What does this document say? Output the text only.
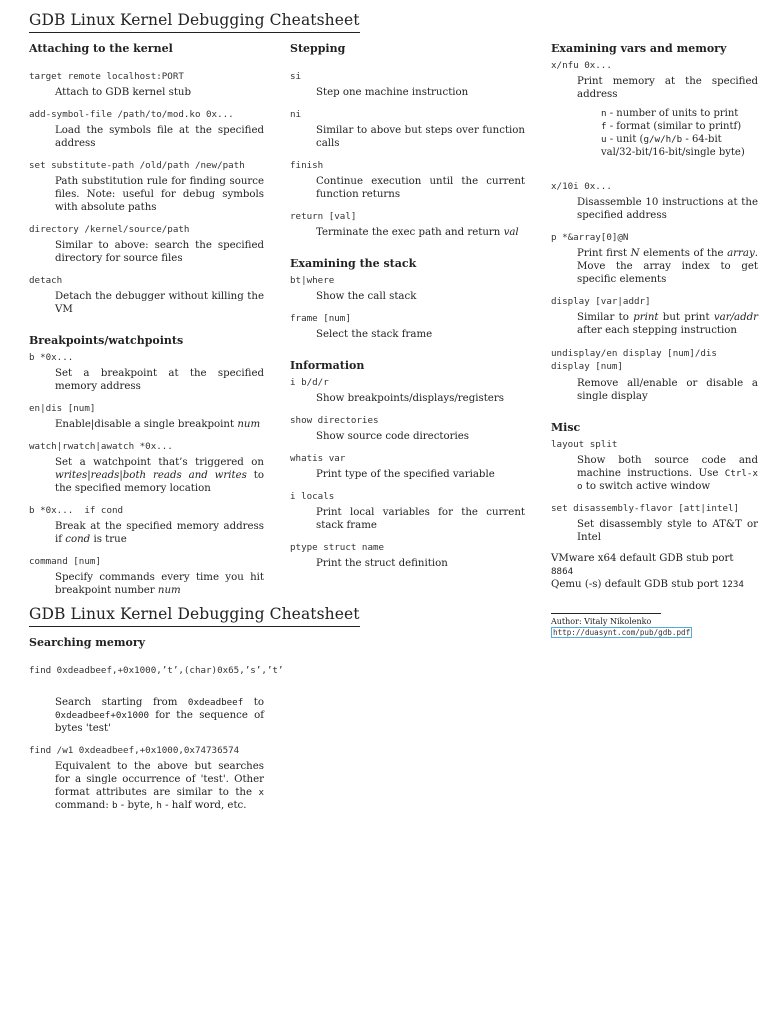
GDB Linux Kernel Debugging Cheatsheet
Attaching to the kernel
target remote localhost:PORT
Attach to GDB kernel stub
add-symbol-file /path/to/mod.ko 0x...
Load the symbols file at the specified address
set substitute-path /old/path /new/path
Path substitution rule for finding source files. Note: useful for debug symbols with absolute paths
directory /kernel/source/path
Similar to above: search the specified directory for source files
detach
Detach the debugger without killing the VM
Breakpoints/watchpoints
b *0x...
Set a breakpoint at the specified memory address
en|dis [num]
Enable|disable a single breakpoint num
watch|rwatch|awatch *0x...
Set a watchpoint that’s triggered on writes|reads|both reads and writes to the specified memory location
b *0x...  if cond
Break at the specified memory address if cond is true
command [num]
Specify commands every time you hit breakpoint number num
Stepping
si
Step one machine instruction
ni
Similar to above but steps over function calls
finish
Continue execution until the current function returns
return [val]
Terminate the exec path and return val
Examining the stack
bt|where
Show the call stack
frame [num]
Select the stack frame
Information
i b/d/r
Show breakpoints/displays/registers
show directories
Show source code directories
whatis var
Print type of the specified variable
i locals
Print local variables for the current stack frame
ptype struct name
Print the struct definition
Examining vars and memory
x/nfu 0x...
Print memory at the specified address
n - number of units to print
f - format (similar to printf)
u - unit (g/w/h/b - 64-bit val/32-bit/16-bit/single byte)
x/10i 0x...
Disassemble 10 instructions at the specified address
p *&array[0]@N
Print first N elements of the array. Move the array index to get specific elements
display [var|addr]
Similar to print but print var/addr after each stepping instruction
undisplay/en display [num]/dis
display [num]
Remove all/enable or disable a single display
Misc
layout split
Show both source code and machine instructions. Use Ctrl-x o to switch active window
set disassembly-flavor [att|intel]
Set disassembly style to AT&T or Intel
VMware x64 default GDB stub port 8864
Qemu (-s) default GDB stub port 1234
Author: Vitaly Nikolenko
http://duasynt.com/pub/gdb.pdf
GDB Linux Kernel Debugging Cheatsheet
Searching memory
find 0xdeadbeef,+0x1000,’t’,(char)0x65,’s’,’t’
Search starting from 0xdeadbeef to 0xdeadbeef+0x1000 for the sequence of bytes 'test'
find /w1 0xdeadbeef,+0x1000,0x74736574
Equivalent to the above but searches for a single occurrence of 'test'. Other format attributes are similar to the x command: b - byte, h - half word, etc.
